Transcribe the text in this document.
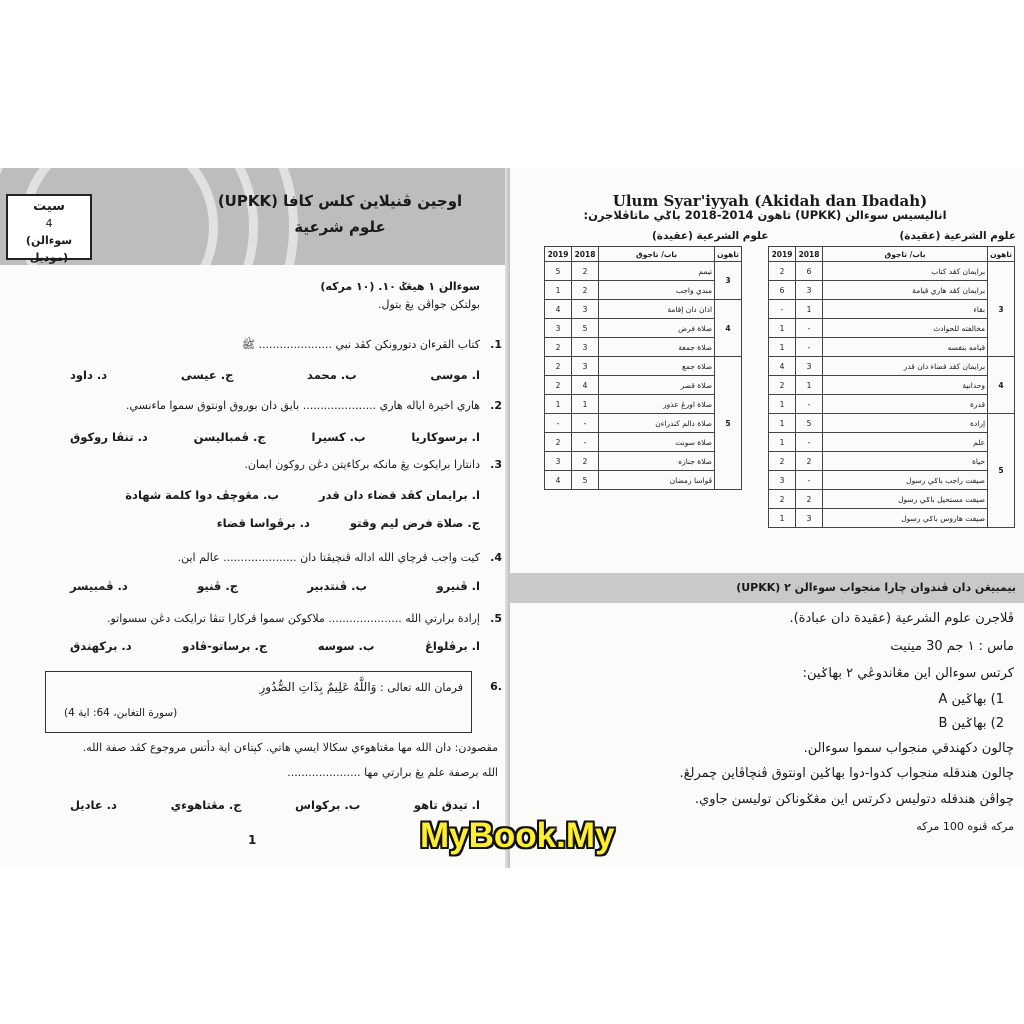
اوجين ڤنيلاين كلس كافا (UPKK)
علوم شرعية
سيت
4
(سوءالن موديل)
سوءالن ١ هيڠݢ ١٠. (١٠ مركه)
بولتكن جواڤن يڠ بتول.
1.
كتاب القرءان دتورونكن كڤد نبي ..................... ﷺ
ا. موسى
ب. محمد
ج. عيسى
د. داود
2.
هاري اخيرة اياله هاري ..................... بايق دان بوروق اونتوق سموا ماءنسي.
ا. برسوكاريا
ب. كسيرا
ج. ڤمباليسن
د. تنڤا روكوق
3.
دانتارا برايكوت يڠ مانكه بركاءيتن دڠن روكون ايمان.
ا. برايمان كڤد قضاء دان قدر
ب. مڠوچڤ دوا كلمة شهادة
ج. صلاة فرض ليم وقتو
د. برڤواسا قضاء
4.
كيت واجب ڤرچاي الله اداله ڤنچيڤتا دان ..................... عالم اين.
ا. ڤنيرو
ب. ڤنتدبير
ج. ڤنيو
د. ڤمبيسر
5.
إرادة برارتي الله ..................... ملاكوكن سموا ڤركارا تنڤا ترايكت دڠن سسواتو.
ا. برڤلواڠ
ب. سوسه
ج. برساتو-ڤادو
د. بركهندق
فرمان الله تعالى : وَاللَّهُ عَلِيمٌ بِذَاتِ الصُّدُورِ
(سورة التغابن، 64: اية 4)
6.
مقصودن: دان الله مها مڠتاهوءي سكالا ايسي هاتي. كپتاءن اية دأتس مروجوع كڤد صفة الله.
الله برصفة علم يڠ برارتي مها .....................
ا. تيدق تاهو
ب. بركواس
ج. مڠتاهوءي
د. عاديل
1
Ulum Syar'iyyah (Akidah dan Ibadah)
اناليسيس سوءالن (UPKK) تاهون 2014-2018 باݢي ماتاڤلاجرن:
علوم الشرعية (عقيدة)
علوم الشرعية (عقيدة)
2019	2018	باب/ تاجوق	تاهون
2	6	برايمان كڤد كتاب	3
6	3	برايمان كڤد هاري قيامة	
-	1	بقاء	
1	-	مخالفته للحوادث	
1	-	قيامه بنفسه	
4	3	برايمان كڤد قضاء دان قدر	4
2	1	وحدانية	
1	-	قدرة	
1	5	إرادة	5
1	-	علم	
2	2	حياة	
3	-	صيفت راجب باݢي رسول	
2	2	صيفت مستحيل باݢي رسول	
1	3	صيفت هاروس باݢي رسول	
2019	2018	باب/ تاجوق	تاهون
5	2	تيمم	3
1	2	مندي واجب	
4	3	اذان دان إقامة	4
3	5	صلاة فرض	
2	3	صلاة جمعة	
2	3	صلاة جمع	5
2	4	صلاة قصر	
1	1	صلاة اورڠ عذور	
-	-	صلاة دالم كندراءن	
2	-	صلاة سونت	
3	2	صلاة جنازه	
4	5	ڤواسا رمضان	
بيمبيڠن دان ڤندوان چارا منجواب سوءالن ٢ (UPKK)
ڤلاجرن علوم الشرعية (عقيدة دان عبادة).
ماس : ١ جم 30 مينيت
كرتس سوءالن اين مڠاندوڠي ٢ بهاݢين:
1) بهاݢين A
2) بهاݢين B
چالون دكهندقي منجواب سموا سوءالن.
چالون هندقله منجواب كدوا-دوا بهاݢين اونتوق ڤنچاڤاين چمرلڠ.
چواڤن هندقله دتوليس دكرتس اين مڠݢوناكن توليسن جاوي.
مركه ڤنوه 100 مركه
MyBook.My
